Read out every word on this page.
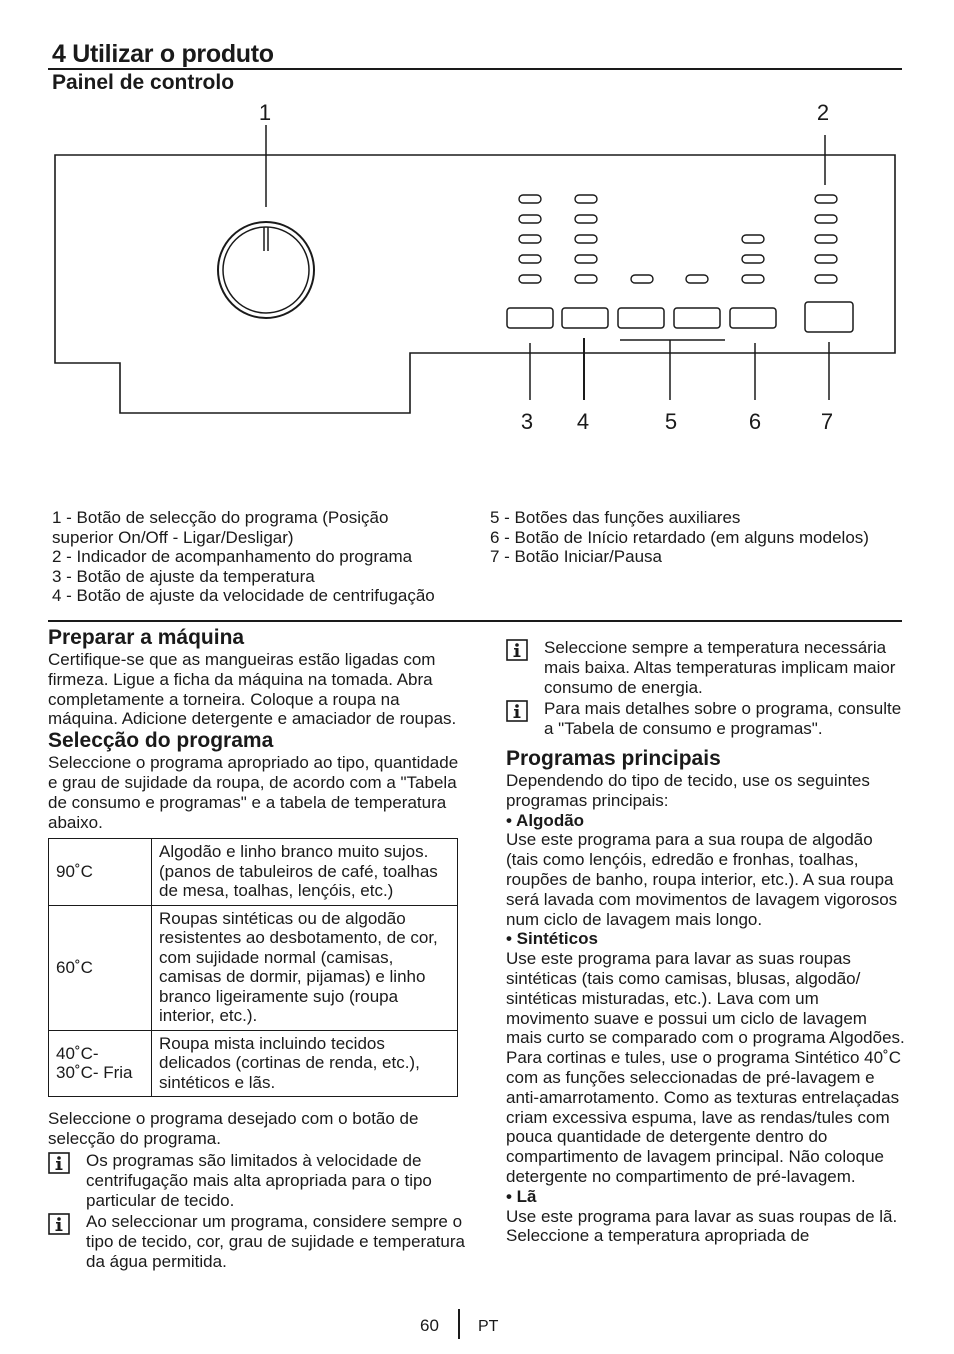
4 Utilizar o produto
Painel de controlo
1	2
3 4	5	6	7
1 - Botão de selecção do programa (Posição
superior On/Off - Ligar/Desligar)
2 - Indicador de acompanhamento do programa
3 - Botão de ajuste da temperatura
4 - Botão de ajuste da velocidade de centrifugação
5 - Botões das funções auxiliares
6 - Botão de Início retardado (em alguns modelos)
7 - Botão Iniciar/Pausa
Preparar a máquina

Certifique-se que as mangueiras estão ligadas com firmeza. Ligue a ficha da máquina na tomada. Abra completamente a torneira. Coloque a roupa na máquina. Adicione detergente e amaciador de roupas.

Selecção do programa

Seleccione o programa apropriado ao tipo, quantidade e grau de sujidade da roupa, de acordo com a "Tabela de consumo e programas" e a tabela de temperatura abaixo.

90˚C	Algodão e linho branco muito sujos. (panos de tabuleiros de café, toalhas de mesa, toalhas, lençóis, etc.)
60˚C	Roupas sintéticas ou de algodão resistentes ao desbotamento, de cor, com sujidade normal (camisas, camisas de dormir, pijamas) e linho branco ligeiramente sujo (roupa interior, etc.).
40˚C- 30˚C- Fria	Roupa mista incluindo tecidos delicados (cortinas de renda, etc.), sintéticos e lãs.

Seleccione o programa desejado com o botão de selecção do programa.

Os programas são limitados à velocidade de centrifugação mais alta apropriada para o tipo particular de tecido.
Ao seleccionar um programa, considere sempre o tipo de tecido, cor, grau de sujidade e temperatura da água permitida.
Seleccione sempre a temperatura necessária mais baixa. Altas temperaturas implicam maior consumo de energia.
Para mais detalhes sobre o programa, consulte a "Tabela de consumo e programas".
Programas principais

Dependendo do tipo de tecido, use os seguintes programas principais:

• Algodão

Use este programa para a sua roupa de algodão (tais como lençóis, edredão e fronhas, toalhas, roupões de banho, roupa interior, etc.). A sua roupa será lavada com movimentos de lavagem vigorosos num ciclo de lavagem mais longo.

• Sintéticos

Use este programa para lavar as suas roupas sintéticas (tais como camisas, blusas, algodão/ sintéticas misturadas, etc.). Lava com um movimento suave e possui um ciclo de lavagem mais curto se comparado com o programa Algodões.

Para cortinas e tules, use o programa Sintético 40˚C com as funções seleccionadas de pré-lavagem e anti-amarrotamento. Como as texturas entrelaçadas criam excessiva espuma, lave as rendas/tules com pouca quantidade de detergente dentro do compartimento de lavagem principal. Não coloque detergente no compartimento de pré-lavagem.

• Lã

Use este programa para lavar as suas roupas de lã. Seleccione a temperatura apropriada de

60 PT
